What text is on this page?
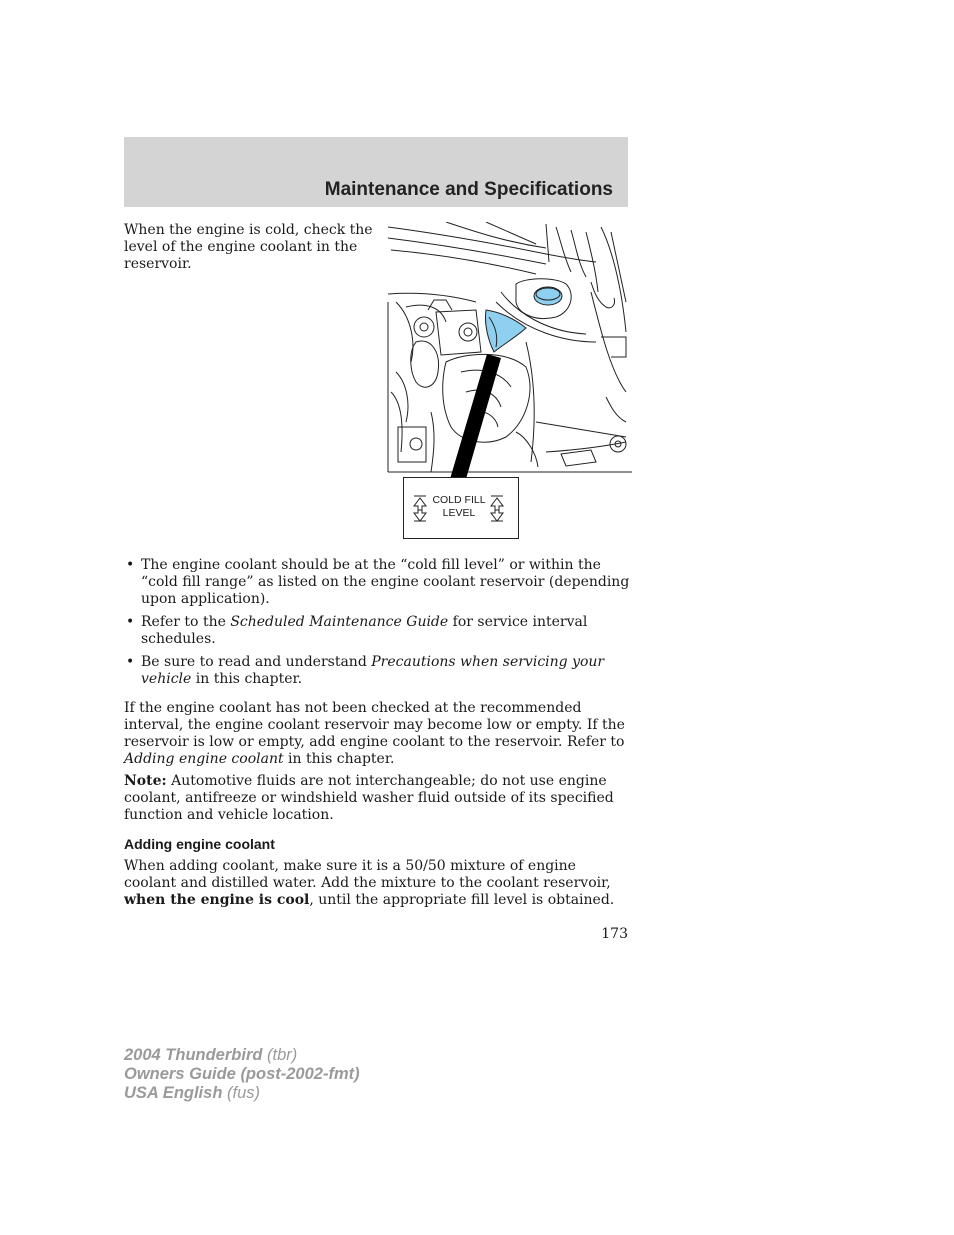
Maintenance and Specifications
When the engine is cold, check the level of the engine coolant in the reservoir.
COLD FILL
LEVEL
• The engine coolant should be at the “cold fill level” or within the “cold fill range” as listed on the engine coolant reservoir (depending upon application).
• Refer to the Scheduled Maintenance Guide for service interval schedules.
• Be sure to read and understand Precautions when servicing your vehicle in this chapter.

If the engine coolant has not been checked at the recommended interval, the engine coolant reservoir may become low or empty. If the reservoir is low or empty, add engine coolant to the reservoir. Refer to Adding engine coolant in this chapter.

Note: Automotive fluids are not interchangeable; do not use engine coolant, antifreeze or windshield washer fluid outside of its specified function and vehicle location.

Adding engine coolant

When adding coolant, make sure it is a 50/50 mixture of engine coolant and distilled water. Add the mixture to the coolant reservoir, when the engine is cool, until the appropriate fill level is obtained.

173
2004 Thunderbird (tbr)
Owners Guide (post-2002-fmt)
USA English (fus)
